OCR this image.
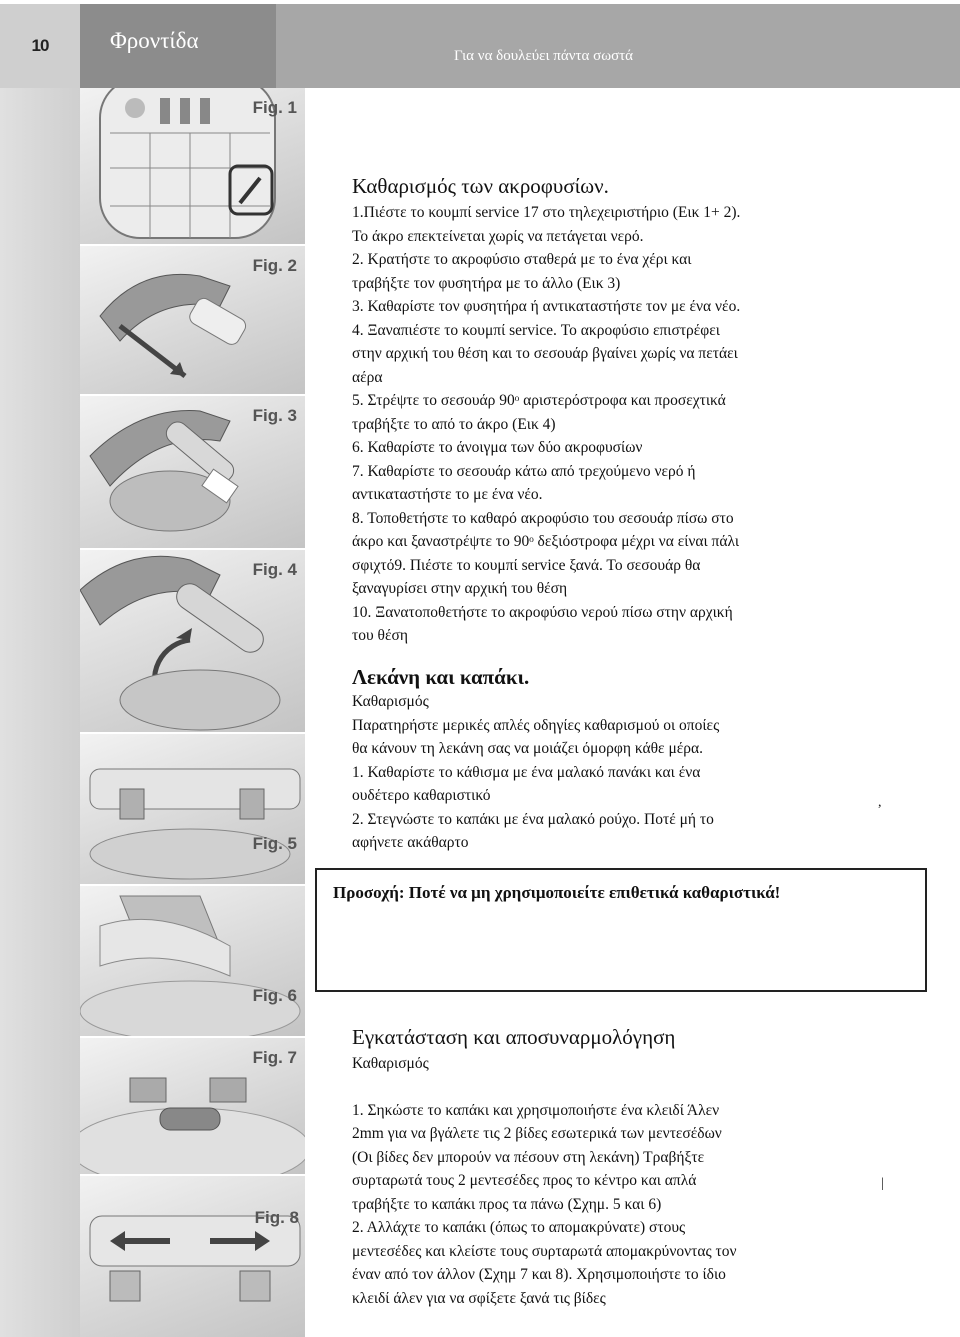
10	Φροντίδα
Για να δουλεύει πάντα σωστά
Fig. 1
Fig. 2
Fig. 3
Fig. 4
Fig. 5
Fig. 6
Fig. 7
Fig. 8
Καθαρισμός των ακροφυσίων.

1.Πιέστε το κουμπί service 17 στο τηλεχειριστήριο (Εικ 1+ 2).

Το άκρο επεκτείνεται χωρίς να πετάγεται νερό.

2. Κρατήστε το ακροφύσιο σταθερά με το ένα χέρι και

τραβήξτε τον φυσητήρα με το άλλο (Εικ 3)

3. Καθαρίστε τον φυσητήρα ή αντικαταστήστε τον με ένα νέο.

4. Ξαναπιέστε το κουμπί service. Το ακροφύσιο επιστρέφει

στην αρχική του θέση και το σεσουάρ βγαίνει χωρίς να πετάει

αέρα

5. Στρέψτε το σεσουάρ 90ᵒ αριστερόστροφα και προσεχτικά

τραβήξτε το από το άκρο (Εικ 4)

6. Καθαρίστε το άνοιγμα των δύο ακροφυσίων

7. Καθαρίστε το σεσουάρ κάτω από τρεχούμενο νερό ή

αντικαταστήστε το με ένα νέο.

8. Τοποθετήστε το καθαρό ακροφύσιο του σεσουάρ πίσω στο

άκρο και ξαναστρέψτε το 90ᵒ δεξιόστροφα μέχρι να είναι πάλι

σφιχτό9. Πιέστε το κουμπί service ξανά. Το σεσουάρ θα

ξαναγυρίσει στην αρχική του θέση

10. Ξανατοποθετήστε το ακροφύσιο νερού πίσω στην αρχική

του θέση

Λεκάνη και καπάκι.

Καθαρισμός

Παρατηρήστε μερικές απλές οδηγίες καθαρισμού οι οποίες

θα κάνουν τη λεκάνη σας να μοιάζει όμορφη κάθε μέρα.

1. Καθαρίστε το κάθισμα με ένα μαλακό πανάκι και ένα

ουδέτερο καθαριστικό

2. Στεγνώστε το καπάκι με ένα μαλακό ρούχο. Ποτέ μή το

αφήνετε ακάθαρτο

,
Προσοχή: Ποτέ να μη χρησιμοποιείτε επιθετικά καθαριστικά!
Εγκατάσταση και αποσυναρμολόγηση

Καθαρισμός

1. Σηκώστε το καπάκι και χρησιμοποιήστε ένα κλειδί Άλεν

2mm για να βγάλετε τις 2 βίδες εσωτερικά των μεντεσέδων

(Οι βίδες δεν μπορούν να πέσουν στη λεκάνη) Τραβήξτε

συρταρωτά τους 2 μεντεσέδες προς το κέντρο και απλά

τραβήξτε το καπάκι προς τα πάνω (Σχημ. 5 και 6)

2. Αλλάχτε το καπάκι (όπως το απομακρύνατε) στους

μεντεσέδες και κλείστε τους συρταρωτά απομακρύνοντας τον

έναν από τον άλλον (Σχημ 7 και 8). Χρησιμοποιήστε το ίδιο

κλειδί άλεν για να σφίξετε ξανά τις βίδες

|
